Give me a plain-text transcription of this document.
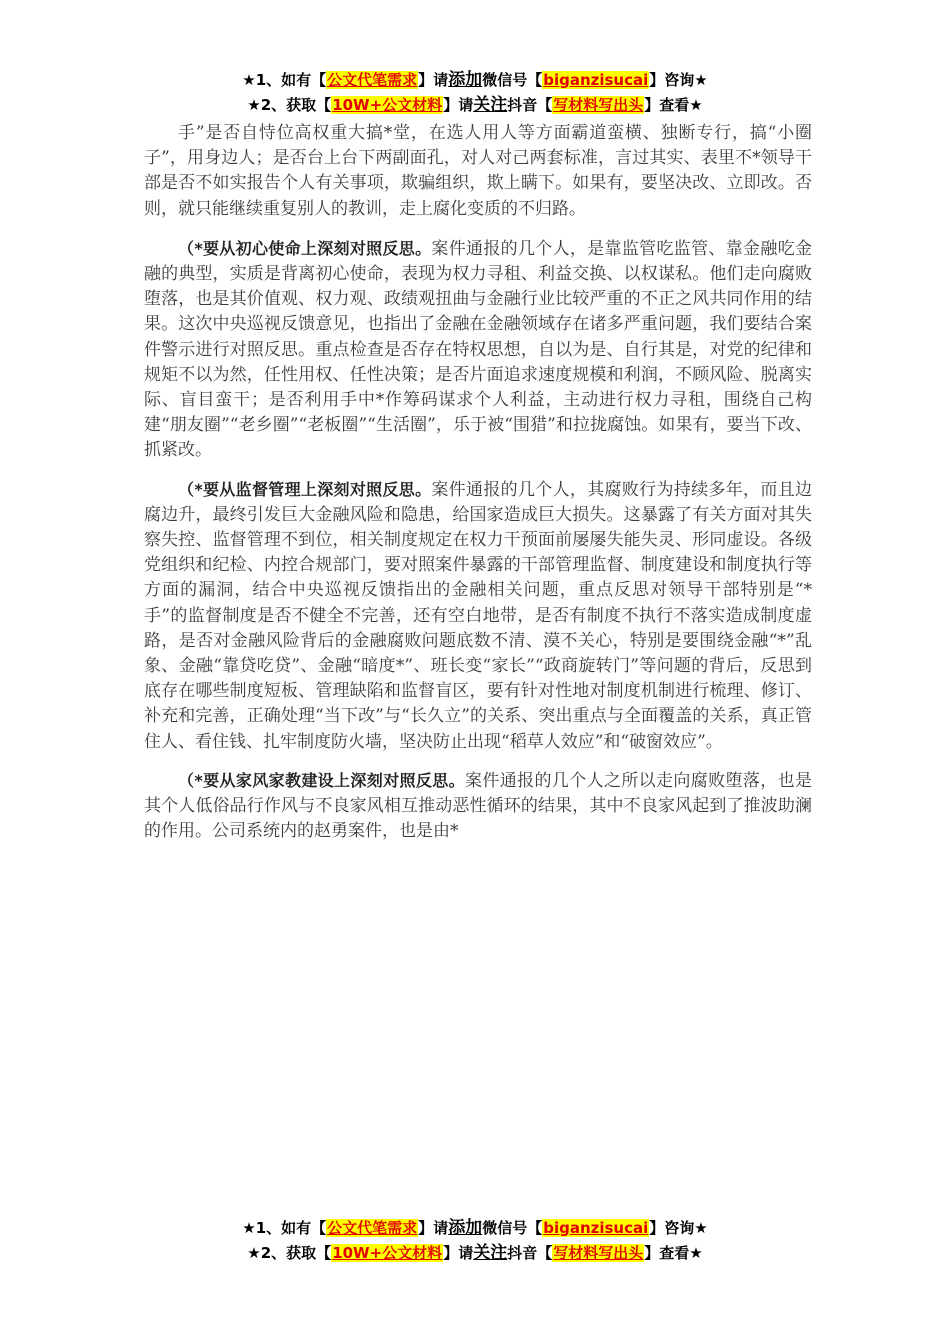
★1、如有【公文代笔需求】请添加微信号【biganzisucai】咨询★
★2、获取【10W+公文材料】请关注抖音【写材料写出头】查看★

手”是否自恃位高权重大搞*堂，在选人用人等方面霸道蛮横、独断专行，搞“小圈子”，用身边人；是否台上台下两副面孔，对人对己两套标准，言过其实、表里不*领导干部是否不如实报告个人有关事项，欺骗组织，欺上瞒下。如果有，要坚决改、立即改。否则，就只能继续重复别人的教训，走上腐化变质的不归路。

（*要从初心使命上深刻对照反思。案件通报的几个人，是靠监管吃监管、靠金融吃金融的典型，实质是背离初心使命，表现为权力寻租、利益交换、以权谋私。他们走向腐败堕落，也是其价值观、权力观、政绩观扭曲与金融行业比较严重的不正之风共同作用的结果。这次中央巡视反馈意见，也指出了金融在金融领域存在诸多严重问题，我们要结合案件警示进行对照反思。重点检查是否存在特权思想，自以为是、自行其是，对党的纪律和规矩不以为然，任性用权、任性决策；是否片面追求速度规模和利润，不顾风险、脱离实际、盲目蛮干；是否利用手中*作筹码谋求个人利益，主动进行权力寻租，围绕自己构建“朋友圈”“老乡圈”“老板圈”“生活圈”，乐于被“围猎”和拉拢腐蚀。如果有，要当下改、抓紧改。

（*要从监督管理上深刻对照反思。案件通报的几个人，其腐败行为持续多年，而且边腐边升，最终引发巨大金融风险和隐患，给国家造成巨大损失。这暴露了有关方面对其失察失控、监督管理不到位，相关制度规定在权力干预面前屡屡失能失灵、形同虚设。各级党组织和纪检、内控合规部门，要对照案件暴露的干部管理监督、制度建设和制度执行等方面的漏洞，结合中央巡视反馈指出的金融相关问题，重点反思对领导干部特别是“*手”的监督制度是否不健全不完善，还有空白地带，是否有制度不执行不落实造成制度虚路，是否对金融风险背后的金融腐败问题底数不清、漠不关心，特别是要围绕金融“*”乱象、金融“靠贷吃贷”、金融“暗度*”、班长变“家长”“政商旋转门”等问题的背后，反思到底存在哪些制度短板、管理缺陷和监督盲区，要有针对性地对制度机制进行梳理、修订、补充和完善，正确处理“当下改”与“长久立”的关系、突出重点与全面覆盖的关系，真正管住人、看住钱、扎牢制度防火墙，坚决防止出现“稻草人效应”和“破窗效应”。

（*要从家风家教建设上深刻对照反思。案件通报的几个人之所以走向腐败堕落，也是其个人低俗品行作风与不良家风相互推动恶性循环的结果，其中不良家风起到了推波助澜的作用。公司系统内的赵勇案件，也是由*

★1、如有【公文代笔需求】请添加微信号【biganzisucai】咨询★
★2、获取【10W+公文材料】请关注抖音【写材料写出头】查看★
